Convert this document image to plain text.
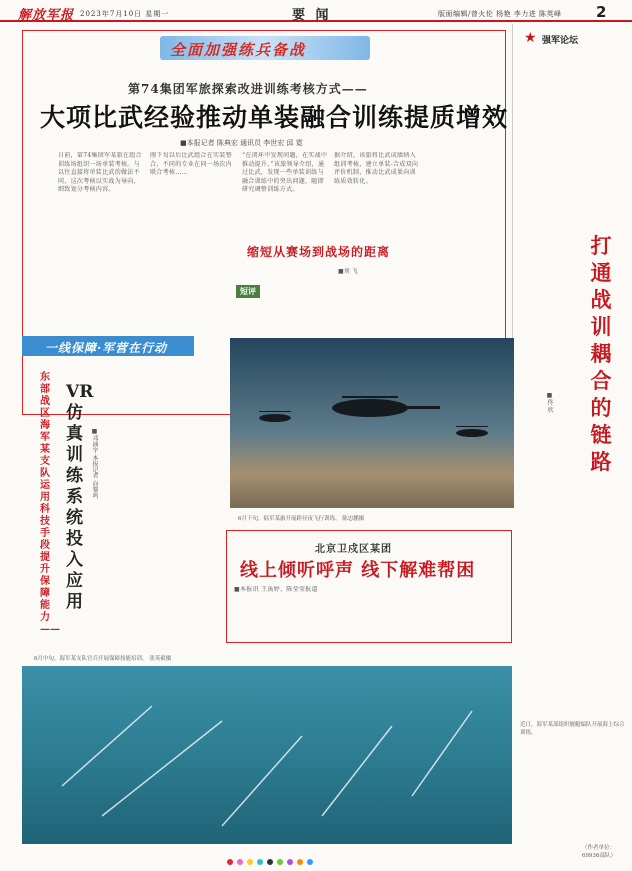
解放军报 2023年7月10日 星期一	要 闻	版面编辑/曾火伦 杨艳 李力进 陈英峰 2
全面加强练兵备战
第74集团军旅探索改进训练考核方式——
大项比武经验推动单装融合训练提质增效
■本报记者 陈典宏 通讯员 李世宏 邱 霓
日前，第74集团军某旅在组合训练场组织一场单装考核。与以往直接将单装比武的做法不同，这次考核以实战为导向，细致划分考核内容。
刚下旬以后比武组合在实装整合，不同的专业在同一场次内联合考核……
“在闭环中发现问题，在实战中推动提升。”该旅领导介绍，通过比武，发现一些单装训练与融合训练中的突出问题，随即研究调整训练方式。
据介绍，该旅将比武成绩纳入组训考核，建立单装-合成双向评价机制，推动比武成果向训练质效转化。
缩短从赛场到战场的距离
■刘 飞
短评
★ 强军论坛
打通战训耦合的链路
■佟 欣
一线保障·军营在行动
东部战区海军某支队运用科技手段提升保障能力——
VR仿真训练系统投入应用
■邓涵宇 本报记者 向黎鸣
6月中旬，海军某支队官兵开展保障技能培训。 张英毅摄
6月下旬，陆军某旅开展跨昼夜飞行训练。 陈忠鹏摄
北京卫戍区某团
线上倾听呼声 线下解难帮困
■本报讯 王禹婷、陈莹莹报道
近日，海军某部组织舰艇编队开展海上综合训练。
（作者单位：69936部队）
